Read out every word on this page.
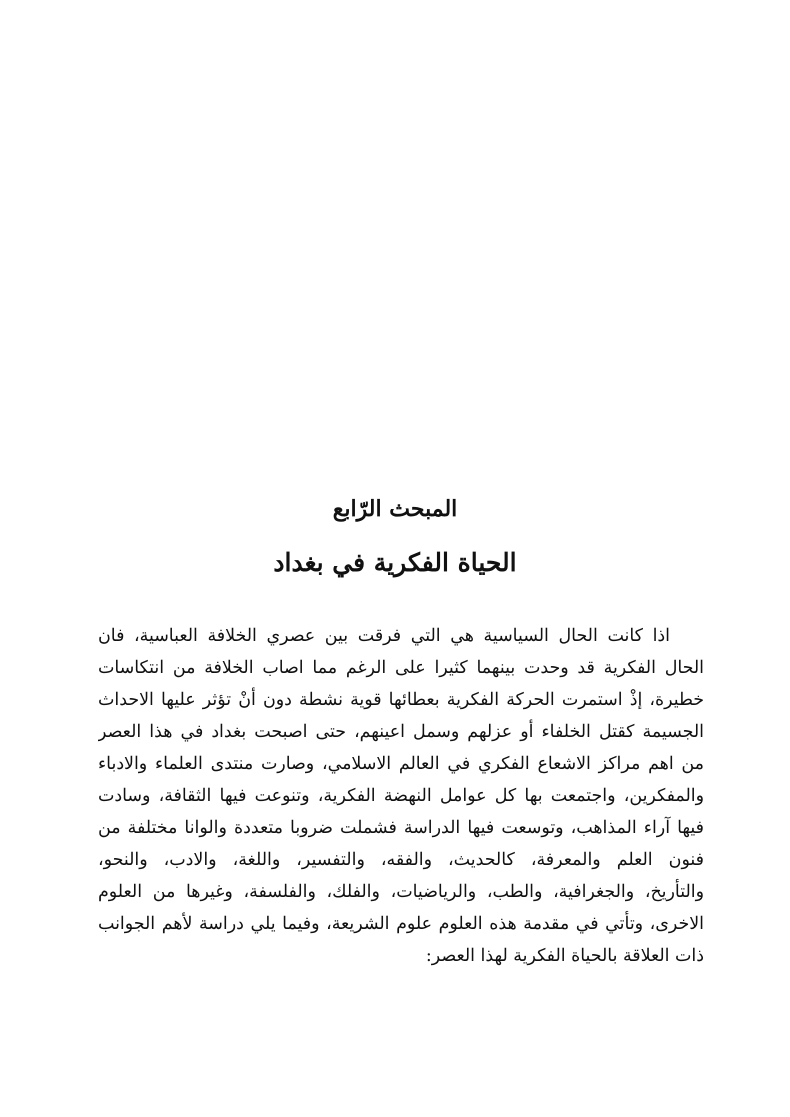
المبحث الرّابع
الحياة الفكرية في بغداد
اذا كانت الحال السياسية هي التي فرقت بين عصري الخلافة العباسية، فان
الحال الفكرية قد وحدت بينهما كثيرا على الرغم مما اصاب الخلافة من انتكاسات
خطيرة، إذْ استمرت الحركة الفكرية بعطائها قوية نشطة دون أنْ تؤثر عليها الاحداث
الجسيمة كقتل الخلفاء أو عزلهم وسمل اعينهم، حتى اصبحت بغداد في هذا العصر
من اهم مراكز الاشعاع الفكري في العالم الاسلامي، وصارت منتدى العلماء والادباء
والمفكرين، واجتمعت بها كل عوامل النهضة الفكرية، وتنوعت فيها الثقافة، وسادت
فيها آراء المذاهب، وتوسعت فيها الدراسة فشملت ضروبا متعددة والوانا مختلفة من
فنون العلم والمعرفة، كالحديث، والفقه، والتفسير، واللغة، والادب، والنحو،
والتأريخ، والجغرافية، والطب، والرياضيات، والفلك، والفلسفة، وغيرها من العلوم
الاخرى، وتأتي في مقدمة هذه العلوم علوم الشريعة، وفيما يلي دراسة لأهم الجوانب
ذات العلاقة بالحياة الفكرية لهذا العصر:
